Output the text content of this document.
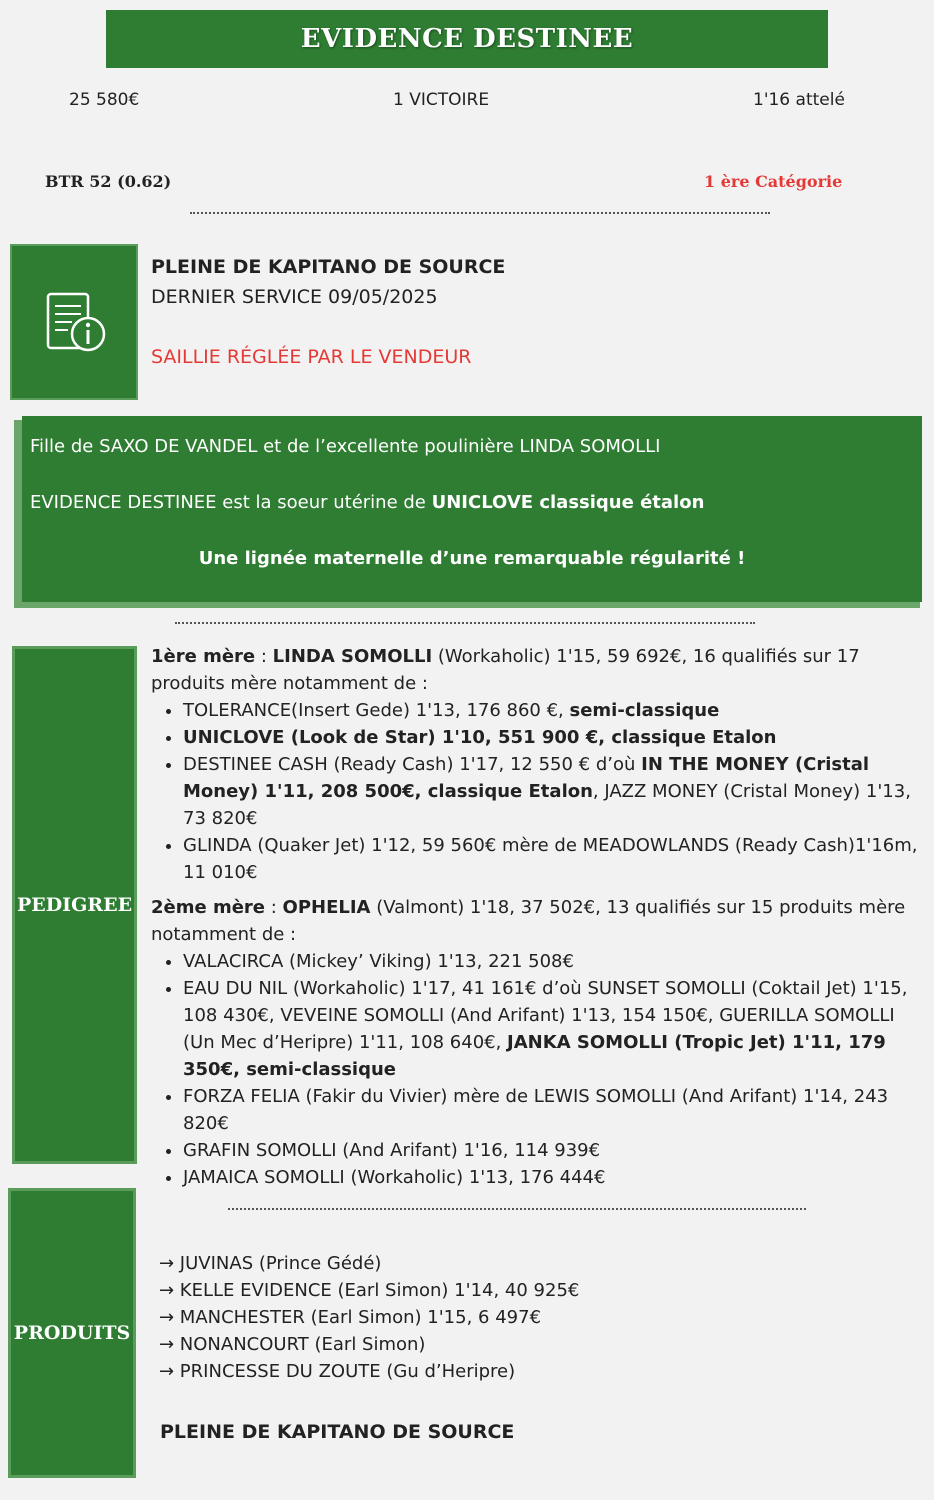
EVIDENCE DESTINEE
25 580€	1 VICTOIRE	1'16 attelé
BTR 52 (0.62)	1 ère Catégorie
PLEINE DE KAPITANO DE SOURCE
DERNIER SERVICE 09/05/2025
SAILLIE RÉGLÉE PAR LE VENDEUR
Fille de SAXO DE VANDEL et de l’excellente poulinière LINDA SOMOLLI
EVIDENCE DESTINEE est la soeur utérine de UNICLOVE classique étalon
Une lignée maternelle d’une remarquable régularité !
PEDIGREE
1ère mère : LINDA SOMOLLI (Workaholic) 1'15, 59 692€, 16 qualifiés sur 17 produits mère notamment de :
• TOLERANCE(Insert Gede) 1'13, 176 860 €, semi-classique
• UNICLOVE (Look de Star) 1'10, 551 900 €, classique Etalon
• DESTINEE CASH (Ready Cash) 1'17, 12 550 € d’où IN THE MONEY (Cristal Money) 1'11, 208 500€, classique Etalon, JAZZ MONEY (Cristal Money) 1'13, 73 820€
• GLINDA (Quaker Jet) 1'12, 59 560€ mère de MEADOWLANDS (Ready Cash)1'16m, 11 010€
2ème mère : OPHELIA (Valmont) 1'18, 37 502€, 13 qualifiés sur 15 produits mère notamment de :
• VALACIRCA (Mickey’ Viking) 1'13, 221 508€
• EAU DU NIL (Workaholic) 1'17, 41 161€ d’où SUNSET SOMOLLI (Coktail Jet) 1'15, 108 430€, VEVEINE SOMOLLI (And Arifant) 1'13, 154 150€, GUERILLA SOMOLLI (Un Mec d’Heripre) 1'11, 108 640€, JANKA SOMOLLI (Tropic Jet) 1'11, 179 350€, semi-classique
• FORZA FELIA (Fakir du Vivier) mère de LEWIS SOMOLLI (And Arifant) 1'14, 243 820€
• GRAFIN SOMOLLI (And Arifant) 1'16, 114 939€
• JAMAICA SOMOLLI (Workaholic) 1'13, 176 444€
PRODUITS
→ JUVINAS (Prince Gédé)
→ KELLE EVIDENCE (Earl Simon) 1'14, 40 925€
→ MANCHESTER (Earl Simon) 1'15, 6 497€
→ NONANCOURT (Earl Simon)
→ PRINCESSE DU ZOUTE (Gu d’Heripre)
PLEINE DE KAPITANO DE SOURCE
